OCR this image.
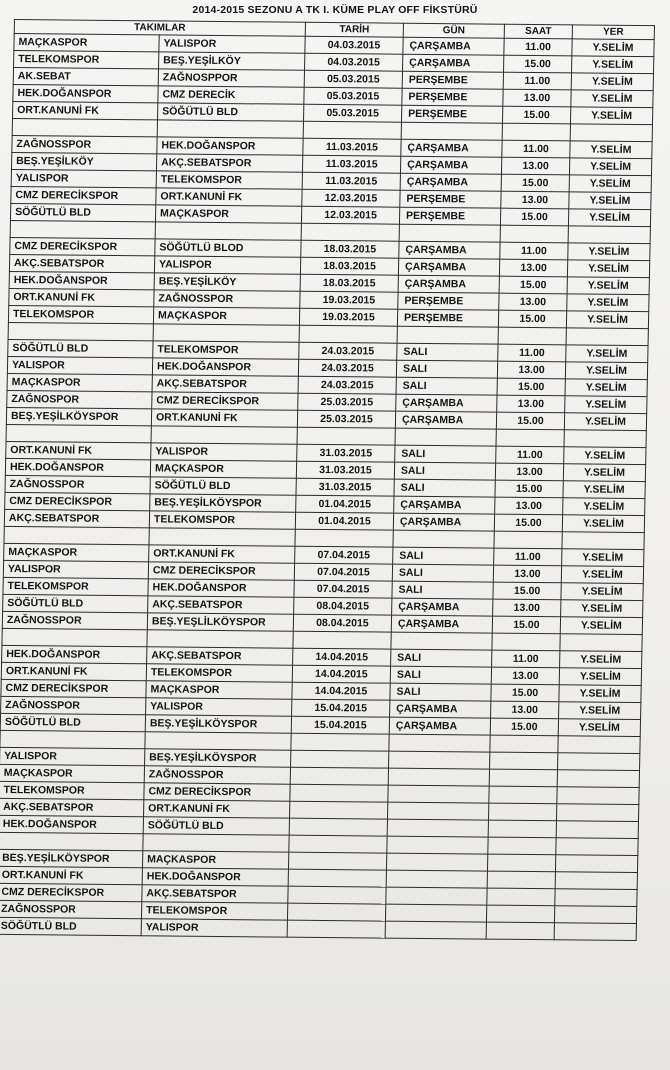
2014-2015 SEZONU A TK I. KÜME PLAY OFF FİKSTÜRÜ
TAKIMLAR		TARİH	GÜN	SAAT	YER
MAÇKASPOR	YALISPOR	04.03.2015	ÇARŞAMBA	11.00	Y.SELİM
TELEKOMSPOR	BEŞ.YEŞİLKÖY	04.03.2015	ÇARŞAMBA	15.00	Y.SELİM
AK.SEBAT	ZAĞNOSPPOR	05.03.2015	PERŞEMBE	11.00	Y.SELİM
HEK.DOĞANSPOR	CMZ DERECİK	05.03.2015	PERŞEMBE	13.00	Y.SELİM
ORT.KANUNİ FK	SÖĞÜTLÜ BLD	05.03.2015	PERŞEMBE	15.00	Y.SELİM

ZAĞNOSSPOR	HEK.DOĞANSPOR	11.03.2015	ÇARŞAMBA	11.00	Y.SELİM
BEŞ.YEŞİLKÖY	AKÇ.SEBATSPOR	11.03.2015	ÇARŞAMBA	13.00	Y.SELİM
YALISPOR	TELEKOMSPOR	11.03.2015	ÇARŞAMBA	15.00	Y.SELİM
CMZ DERECİKSPOR	ORT.KANUNİ FK	12.03.2015	PERŞEMBE	13.00	Y.SELİM
SÖĞÜTLÜ BLD	MAÇKASPOR	12.03.2015	PERŞEMBE	15.00	Y.SELİM

CMZ DERECİKSPOR	SÖĞÜTLÜ BLOD	18.03.2015	ÇARŞAMBA	11.00	Y.SELİM
AKÇ.SEBATSPOR	YALISPOR	18.03.2015	ÇARŞAMBA	13.00	Y.SELİM
HEK.DOĞANSPOR	BEŞ.YEŞİLKÖY	18.03.2015	ÇARŞAMBA	15.00	Y.SELİM
ORT.KANUNİ FK	ZAĞNOSSPOR	19.03.2015	PERŞEMBE	13.00	Y.SELİM
TELEKOMSPOR	MAÇKASPOR	19.03.2015	PERŞEMBE	15.00	Y.SELİM

SÖĞÜTLÜ BLD	TELEKOMSPOR	24.03.2015	SALI	11.00	Y.SELİM
YALISPOR	HEK.DOĞANSPOR	24.03.2015	SALI	13.00	Y.SELİM
MAÇKASPOR	AKÇ.SEBATSPOR	24.03.2015	SALI	15.00	Y.SELİM
ZAĞNOSPOR	CMZ DERECİKSPOR	25.03.2015	ÇARŞAMBA	13.00	Y.SELİM
BEŞ.YEŞİLKÖYSPOR	ORT.KANUNİ FK	25.03.2015	ÇARŞAMBA	15.00	Y.SELİM

ORT.KANUNİ FK	YALISPOR	31.03.2015	SALI	11.00	Y.SELİM
HEK.DOĞANSPOR	MAÇKASPOR	31.03.2015	SALI	13.00	Y.SELİM
ZAĞNOSSPOR	SÖĞÜTLÜ BLD	31.03.2015	SALI	15.00	Y.SELİM
CMZ DERECİKSPOR	BEŞ.YEŞİLKÖYSPOR	01.04.2015	ÇARŞAMBA	13.00	Y.SELİM
AKÇ.SEBATSPOR	TELEKOMSPOR	01.04.2015	ÇARŞAMBA	15.00	Y.SELİM

MAÇKASPOR	ORT.KANUNİ FK	07.04.2015	SALI	11.00	Y.SELİM
YALISPOR	CMZ DERECİKSPOR	07.04.2015	SALI	13.00	Y.SELİM
TELEKOMSPOR	HEK.DOĞANSPOR	07.04.2015	SALI	15.00	Y.SELİM
SÖĞÜTLÜ BLD	AKÇ.SEBATSPOR	08.04.2015	ÇARŞAMBA	13.00	Y.SELİM
ZAĞNOSSPOR	BEŞ.YEŞLİLKÖYSPOR	08.04.2015	ÇARŞAMBA	15.00	Y.SELİM

HEK.DOĞANSPOR	AKÇ.SEBATSPOR	14.04.2015	SALI	11.00	Y.SELİM
ORT.KANUNİ FK	TELEKOMSPOR	14.04.2015	SALI	13.00	Y.SELİM
CMZ DERECİKSPOR	MAÇKASPOR	14.04.2015	SALI	15.00	Y.SELİM
ZAĞNOSSPOR	YALISPOR	15.04.2015	ÇARŞAMBA	13.00	Y.SELİM
SÖĞÜTLÜ BLD	BEŞ.YEŞİLKÖYSPOR	15.04.2015	ÇARŞAMBA	15.00	Y.SELİM

YALISPOR	BEŞ.YEŞİLKÖYSPOR				
MAÇKASPOR	ZAĞNOSSPOR				
TELEKOMSPOR	CMZ DERECİKSPOR				
AKÇ.SEBATSPOR	ORT.KANUNİ FK				
HEK.DOĞANSPOR	SÖĞÜTLÜ BLD				

BEŞ.YEŞİLKÖYSPOR	MAÇKASPOR				
ORT.KANUNİ FK	HEK.DOĞANSPOR				
CMZ DERECİKSPOR	AKÇ.SEBATSPOR				
ZAĞNOSSPOR	TELEKOMSPOR				
SÖĞÜTLÜ BLD	YALISPOR				
